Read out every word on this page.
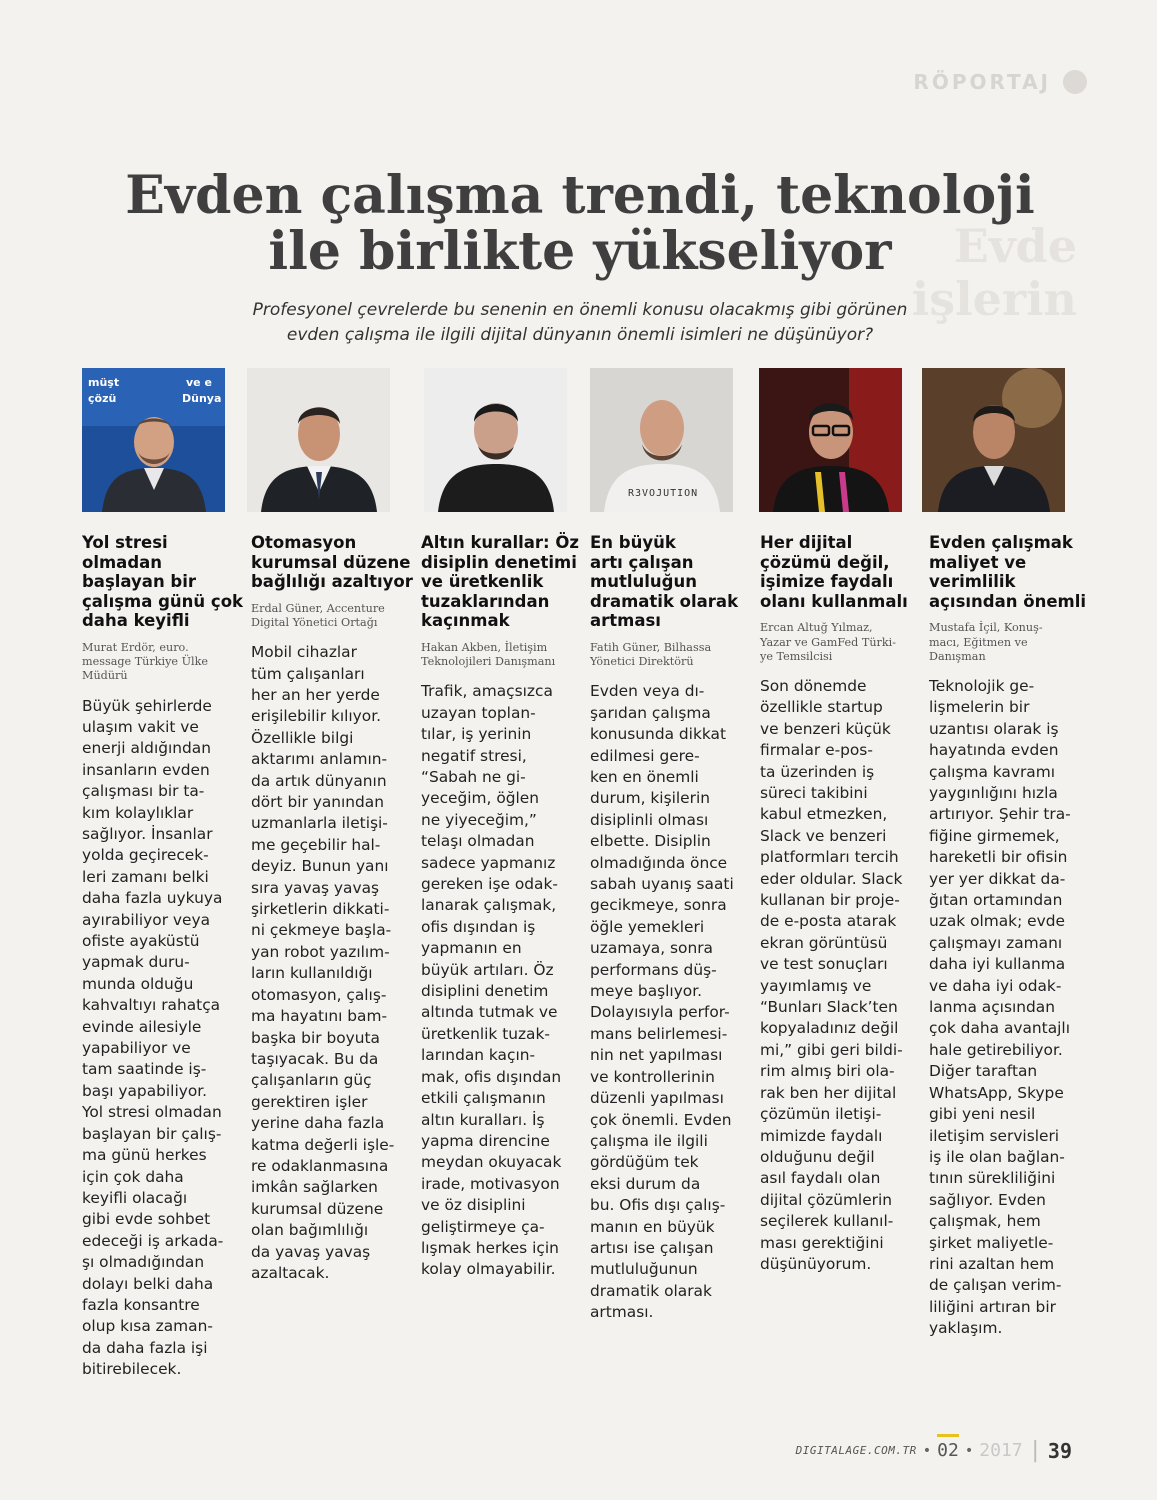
RÖPORTAJ
Evde
işlerin
Evden çalışma trendi, teknoloji
ile birlikte yükseliyor

Profesyonel çevrelerde bu senenin en önemli konusu olacakmış gibi görünen
evden çalışma ile ilgili dijital dünyanın önemli isimleri ne düşünüyor?

müşt
çözü
ve e
Dünya
R3VOJUTION
Yol stresi
olmadan
başlayan bir
çalışma günü çok
daha keyifli
Murat Erdör, euro.
message Türkiye Ülke
Müdürü
Büyük şehirlerde
ulaşım vakit ve
enerji aldığından
insanların evden
çalışması bir ta-
kım kolaylıklar
sağlıyor. İnsanlar
yolda geçirecek-
leri zamanı belki
daha fazla uykuya
ayırabiliyor veya
ofiste ayaküstü
yapmak duru-
munda olduğu
kahvaltıyı rahatça
evinde ailesiyle
yapabiliyor ve
tam saatinde iş-
başı yapabiliyor.
Yol stresi olmadan
başlayan bir çalış-
ma günü herkes
için çok daha
keyifli olacağı
gibi evde sohbet
edeceği iş arkada-
şı olmadığından
dolayı belki daha
fazla konsantre
olup kısa zaman-
da daha fazla işi
bitirebilecek.
Otomasyon
kurumsal düzene
bağlılığı azaltıyor
Erdal Güner, Accenture
Digital Yönetici Ortağı
Mobil cihazlar
tüm çalışanları
her an her yerde
erişilebilir kılıyor.
Özellikle bilgi
aktarımı anlamın-
da artık dünyanın
dört bir yanından
uzmanlarla iletişi-
me geçebilir hal-
deyiz. Bunun yanı
sıra yavaş yavaş
şirketlerin dikkati-
ni çekmeye başla-
yan robot yazılım-
ların kullanıldığı
otomasyon, çalış-
ma hayatını bam-
başka bir boyuta
taşıyacak. Bu da
çalışanların güç
gerektiren işler
yerine daha fazla
katma değerli işle-
re odaklanmasına
imkân sağlarken
kurumsal düzene
olan bağımlılığı
da yavaş yavaş
azaltacak.
Altın kurallar: Öz
disiplin denetimi
ve üretkenlik
tuzaklarından
kaçınmak
Hakan Akben, İletişim
Teknolojileri Danışmanı
Trafik, amaçsızca
uzayan toplan-
tılar, iş yerinin
negatif stresi,
“Sabah ne gi-
yeceğim, öğlen
ne yiyeceğim,”
telaşı olmadan
sadece yapmanız
gereken işe odak-
lanarak çalışmak,
ofis dışından iş
yapmanın en
büyük artıları. Öz
disiplini denetim
altında tutmak ve
üretkenlik tuzak-
larından kaçın-
mak, ofis dışından
etkili çalışmanın
altın kuralları. İş
yapma direncine
meydan okuyacak
irade, motivasyon
ve öz disiplini
geliştirmeye ça-
lışmak herkes için
kolay olmayabilir.
En büyük
artı çalışan
mutluluğun
dramatik olarak
artması
Fatih Güner, Bilhassa
Yönetici Direktörü
Evden veya dı-
şarıdan çalışma
konusunda dikkat
edilmesi gere-
ken en önemli
durum, kişilerin
disiplinli olması
elbette. Disiplin
olmadığında önce
sabah uyanış saati
gecikmeye, sonra
öğle yemekleri
uzamaya, sonra
performans düş-
meye başlıyor.
Dolayısıyla perfor-
mans belirlemesi-
nin net yapılması
ve kontrollerinin
düzenli yapılması
çok önemli. Evden
çalışma ile ilgili
gördüğüm tek
eksi durum da
bu. Ofis dışı çalış-
manın en büyük
artısı ise çalışan
mutluluğunun
dramatik olarak
artması.
Her dijital
çözümü değil,
işimize faydalı
olanı kullanmalı
Ercan Altuğ Yılmaz,
Yazar ve GamFed Türki-
ye Temsilcisi
Son dönemde
özellikle startup
ve benzeri küçük
firmalar e-pos-
ta üzerinden iş
süreci takibini
kabul etmezken,
Slack ve benzeri
platformları tercih
eder oldular. Slack
kullanan bir proje-
de e-posta atarak
ekran görüntüsü
ve test sonuçları
yayımlamış ve
“Bunları Slack’ten
kopyaladınız değil
mi,” gibi geri bildi-
rim almış biri ola-
rak ben her dijital
çözümün iletişi-
mimizde faydalı
olduğunu değil
asıl faydalı olan
dijital çözümlerin
seçilerek kullanıl-
ması gerektiğini
düşünüyorum.
Evden çalışmak
maliyet ve
verimlilik
açısından önemli
Mustafa İçil, Konuş-
macı, Eğitmen ve
Danışman
Teknolojik ge-
lişmelerin bir
uzantısı olarak iş
hayatında evden
çalışma kavramı
yaygınlığını hızla
artırıyor. Şehir tra-
fiğine girmemek,
hareketli bir ofisin
yer yer dikkat da-
ğıtan ortamından
uzak olmak; evde
çalışmayı zamanı
daha iyi kullanma
ve daha iyi odak-
lanma açısından
çok daha avantajlı
hale getirebiliyor.
Diğer taraftan
WhatsApp, Skype
gibi yeni nesil
iletişim servisleri
iş ile olan bağlan-
tının sürekliliğini
sağlıyor. Evden
çalışmak, hem
şirket maliyetle-
rini azaltan hem
de çalışan verim-
liliğini artıran bir
yaklaşım.
DIGITALAGE.COM.TR • 02 • 2017 | 39
